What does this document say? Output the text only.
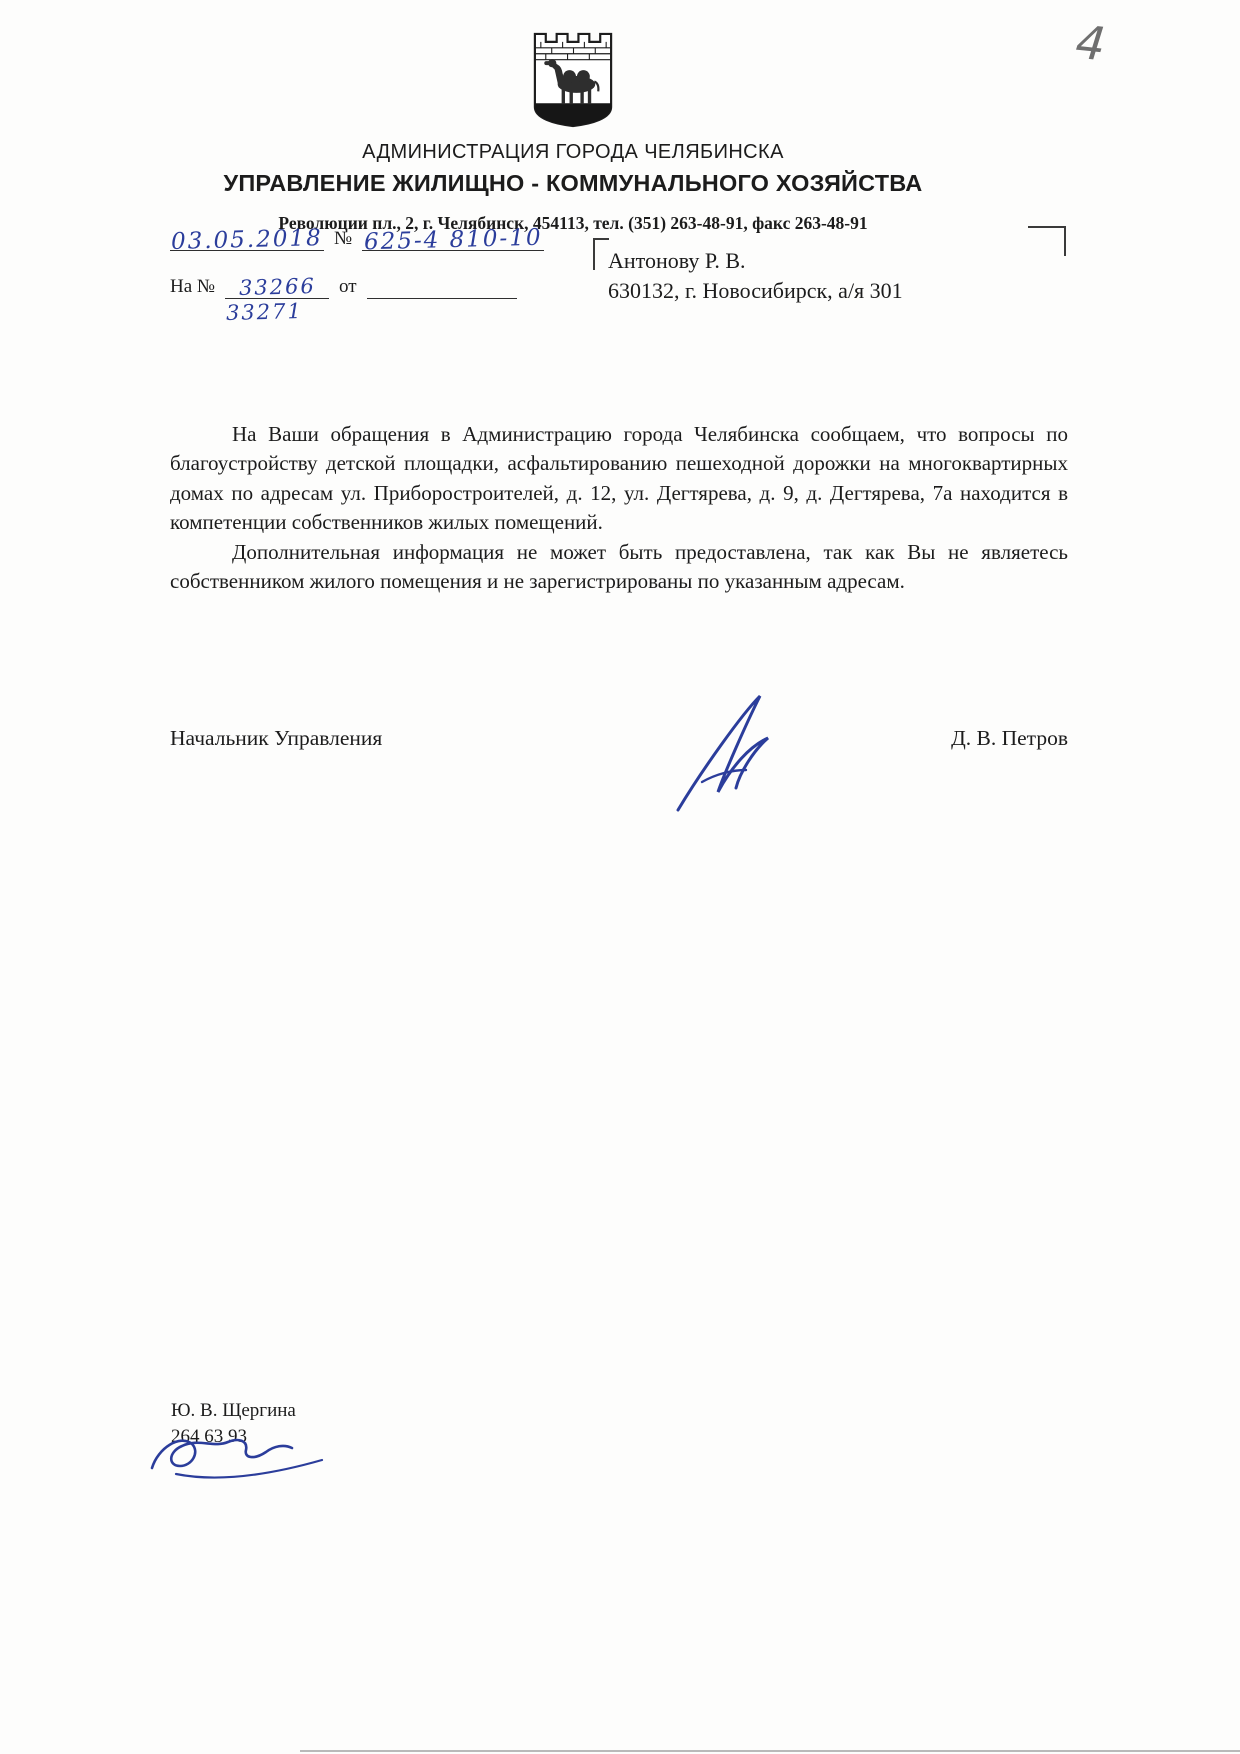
4
АДМИНИСТРАЦИЯ ГОРОДА ЧЕЛЯБИНСКА
УПРАВЛЕНИЕ ЖИЛИЩНО - КОММУНАЛЬНОГО ХОЗЯЙСТВА
Революции пл., 2, г. Челябинск, 454113, тел. (351) 263-48-91, факс 263-48-91
03.05.2018 № 625-4 810-10
На №	33266	от
33271
Антонову Р. В.
630132, г. Новосибирск, а/я 301

На Ваши обращения в Администрацию города Челябинска сообщаем, что вопросы по благоустройству детской площадки, асфальтированию пешеходной дорожки на многоквартирных домах по адресам ул. Приборостроителей, д. 12, ул. Дегтярева, д. 9, д. Дегтярева, 7а находится в компетенции собственников жилых помещений.

Дополнительная информация не может быть предоставлена, так как Вы не являетесь собственником жилого помещения и не зарегистрированы по указанным адресам.

Начальник Управления	Д. В. Петров
Ю. В. Щергина
264 63 93
